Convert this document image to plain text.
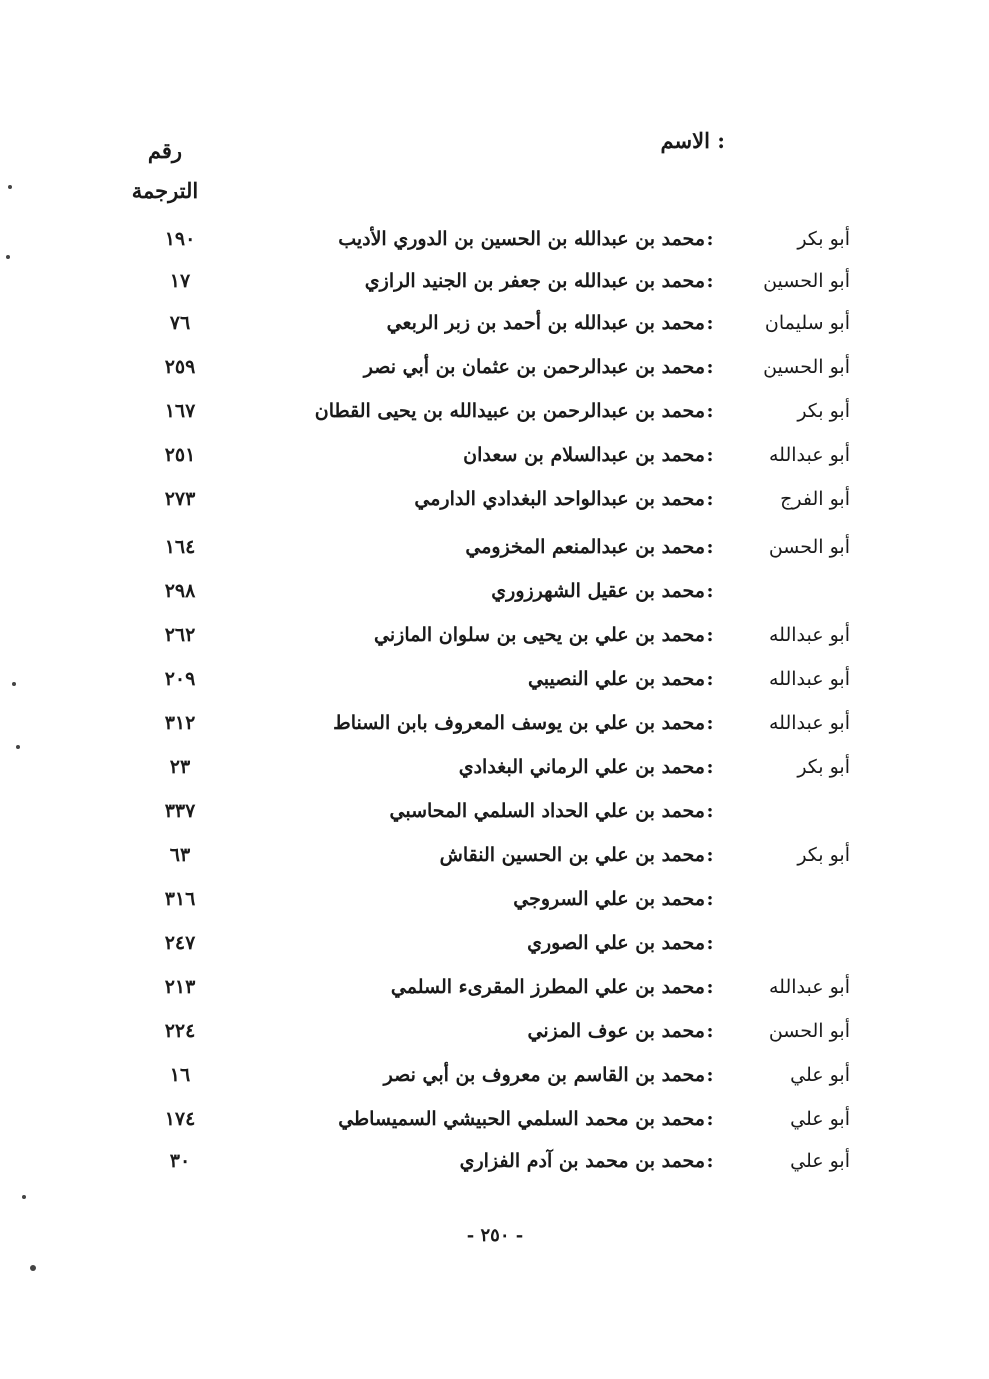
: الاسم
رقم
الترجمة
١٩٠	محمد بن عبدالله بن الحسين بن الدوري الأديب :	أبو بكر
١٧	محمد بن عبدالله بن جعفر بن الجنيد الرازي :	أبو الحسين
٧٦	محمد بن عبدالله بن أحمد بن زبر الربعي :	أبو سليمان
٢٥٩	محمد بن عبدالرحمن بن عثمان بن أبي نصر :	أبو الحسين
١٦٧	محمد بن عبدالرحمن بن عبيدالله بن يحيى القطان :	أبو بكر
٢٥١	محمد بن عبدالسلام بن سعدان :	أبو عبدالله
٢٧٣	محمد بن عبدالواحد البغدادي الدارمي :	أبو الفرج
١٦٤	محمد بن عبدالمنعم المخزومي :	أبو الحسن
٢٩٨	محمد بن عقيل الشهرزوري :
٢٦٢	محمد بن علي بن يحيى بن سلوان المازني :	أبو عبدالله
٢٠٩	محمد بن علي النصيبي :	أبو عبدالله
٣١٢	محمد بن علي بن يوسف المعروف بابن السناط :	أبو عبدالله
٢٣	محمد بن علي الرماني البغدادي :	أبو بكر
٣٣٧	محمد بن علي الحداد السلمي المحاسبي :
٦٣	محمد بن علي بن الحسين النقاش :	أبو بكر
٣١٦	محمد بن علي السروجي :
٢٤٧	محمد بن علي الصوري :
٢١٣	محمد بن علي المطرز المقرىء السلمي :	أبو عبدالله
٢٢٤	محمد بن عوف المزني :	أبو الحسن
١٦	محمد بن القاسم بن معروف بن أبي نصر :	أبو علي
١٧٤	محمد بن محمد السلمي الحبيشي السميساطي :	أبو علي
٣٠	محمد بن محمد بن آدم الفزاري :	أبو علي
- ٢٥٠ -
